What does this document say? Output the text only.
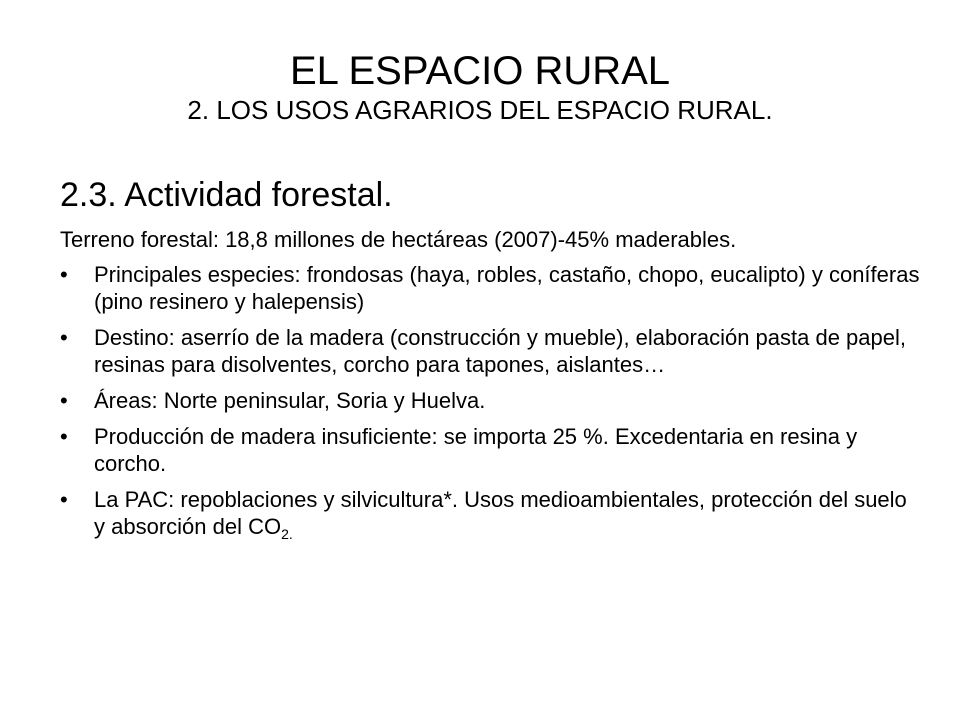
EL ESPACIO RURAL
2. LOS USOS AGRARIOS DEL ESPACIO RURAL.
2.3. Actividad forestal.

Terreno forestal: 18,8 millones de hectáreas (2007)-45% maderables.

• Principales especies: frondosas (haya, robles, castaño, chopo, eucalipto) y coníferas (pino resinero y halepensis)
• Destino: aserrío de la madera (construcción y mueble), elaboración pasta de papel, resinas para disolventes, corcho para tapones, aislantes…
• Áreas: Norte peninsular, Soria y Huelva.
• Producción de madera insuficiente: se importa 25 %. Excedentaria en resina y corcho.
• La PAC: repoblaciones y silvicultura*. Usos medioambientales, protección del suelo y absorción del $CO_{2.}$
